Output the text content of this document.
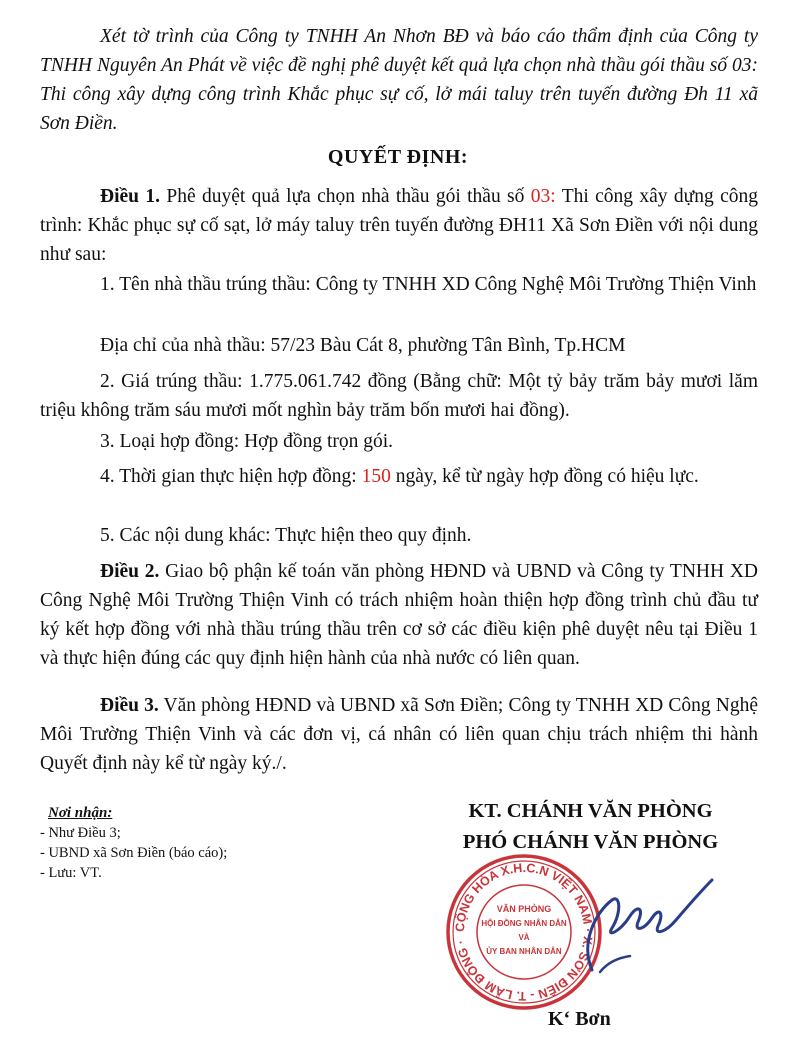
Xét tờ trình của Công ty TNHH An Nhơn BĐ và báo cáo thẩm định của Công ty TNHH Nguyên An Phát về việc đề nghị phê duyệt kết quả lựa chọn nhà thầu gói thầu số 03: Thi công xây dựng công trình Khắc phục sự cố, lở mái taluy trên tuyến đường Đh 11 xã Sơn Điền.

QUYẾT ĐỊNH:

Điều 1. Phê duyệt quả lựa chọn nhà thầu gói thầu số 03: Thi công xây dựng công trình: Khắc phục sự cố sạt, lở máy taluy trên tuyến đường ĐH11 Xã Sơn Điền với nội dung như sau:

1. Tên nhà thầu trúng thầu: Công ty TNHH XD Công Nghệ Môi Trường Thiện Vinh

Địa chỉ của nhà thầu: 57/23 Bàu Cát 8, phường Tân Bình, Tp.HCM

2. Giá trúng thầu: 1.775.061.742 đồng (Bằng chữ: Một tỷ bảy trăm bảy mươi lăm triệu không trăm sáu mươi mốt nghìn bảy trăm bốn mươi hai đồng).

3. Loại hợp đồng: Hợp đồng trọn gói.

4. Thời gian thực hiện hợp đồng: 150 ngày, kể từ ngày hợp đồng có hiệu lực.

5. Các nội dung khác: Thực hiện theo quy định.

Điều 2. Giao bộ phận kế toán văn phòng HĐND và UBND và Công ty TNHH XD Công Nghệ Môi Trường Thiện Vinh có trách nhiệm hoàn thiện hợp đồng trình chủ đầu tư ký kết hợp đồng với nhà thầu trúng thầu trên cơ sở các điều kiện phê duyệt nêu tại Điều 1 và thực hiện đúng các quy định hiện hành của nhà nước có liên quan.

Điều 3. Văn phòng HĐND và UBND xã Sơn Điền; Công ty TNHH XD Công Nghệ Môi Trường Thiện Vinh và các đơn vị, cá nhân có liên quan chịu trách nhiệm thi hành Quyết định này kể từ ngày ký./.

Nơi nhận:
- Như Điều 3;
- UBND xã Sơn Điền (báo cáo);
- Lưu: VT.
KT. CHÁNH VĂN PHÒNG
PHÓ CHÁNH VĂN PHÒNG
CỘNG HÒA X.H.C.N VIỆT NAM · X. SƠN ĐIỀN - T. LÂM ĐỒNG ·
VĂN PHÒNG
HỘI ĐỒNG NHÂN DÂN
VÀ
ỦY BAN NHÂN DÂN
K‘ Bơn
